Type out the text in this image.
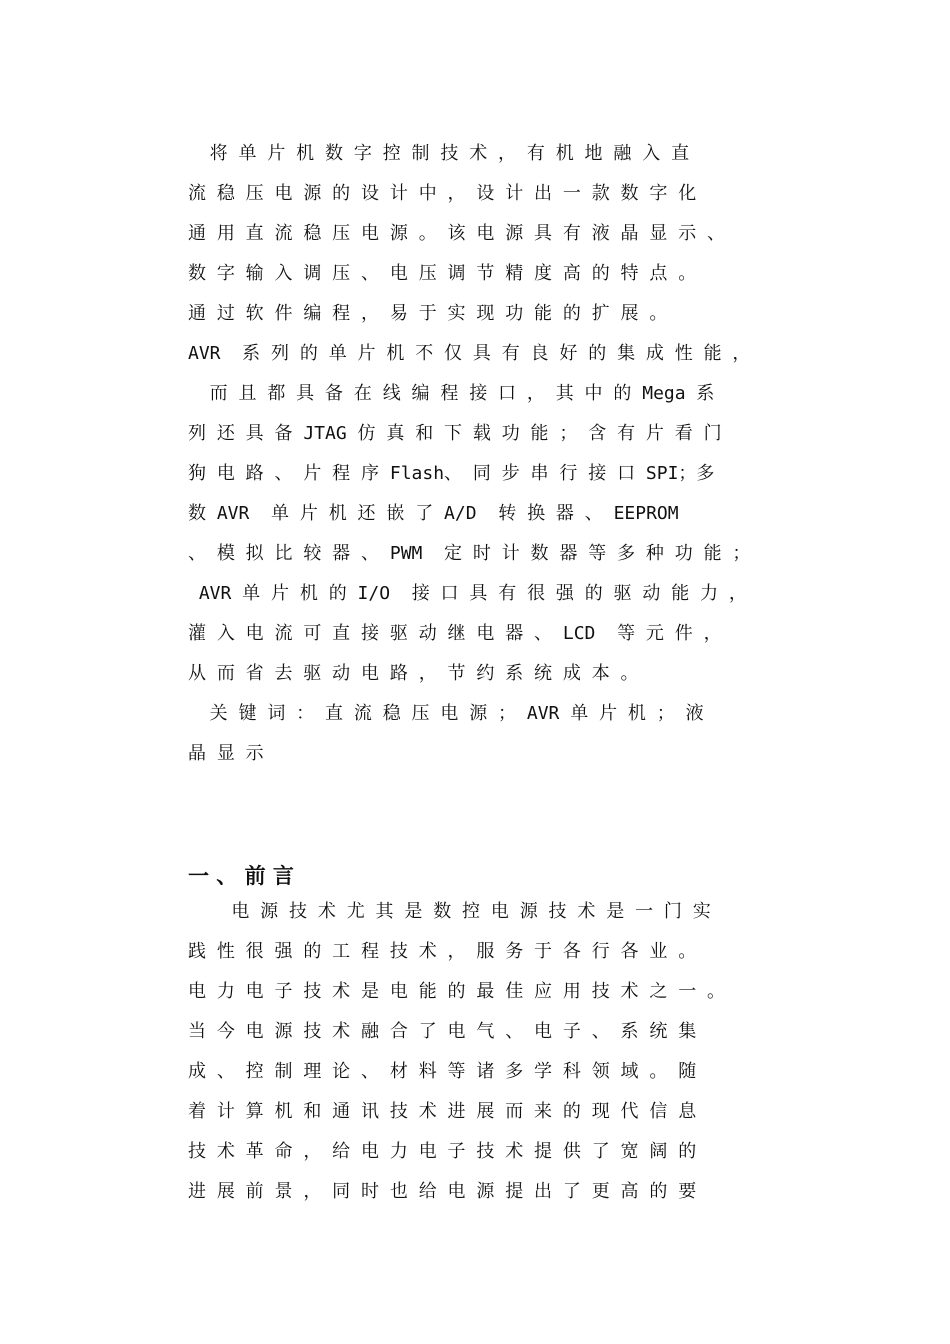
将 单 片 机 数 字 控 制 技 术 ， 有 机 地 融 入 直
流 稳 压 电 源 的 设 计 中 ， 设 计 出 一 款 数 字 化
通 用 直 流 稳 压 电 源 。 该 电 源 具 有 液 晶 显 示 、
数 字 输 入 调 压 、 电 压 调 节 精 度 高 的 特 点 。
通 过 软 件 编 程 ， 易 于 实 现 功 能 的 扩 展 。
AVR  系 列 的 单 片 机 不 仅 具 有 良 好 的 集 成 性 能 ，
而 且 都 具 备 在 线 编 程 接 口 ， 其 中 的 Mega 系
列 还 具 备 JTAG 仿 真 和 下 载 功 能 ； 含 有 片 看 门
狗 电 路 、 片 程 序 Flash、 同 步 串 行 接 口 SPI；多
数 AVR  单 片 机 还 嵌 了 A/D  转 换 器 、 EEPROM
、 模 拟 比 较 器 、 PWM  定 时 计 数 器 等 多 种 功 能 ；
AVR 单 片 机 的 I/O  接 口 具 有 很 强 的 驱 动 能 力 ，
灌 入 电 流 可 直 接 驱 动 继 电 器 、 LCD  等 元 件 ，
从 而 省 去 驱 动 电 路 ， 节 约 系 统 成 本 。
关 键 词 ： 直 流 稳 压 电 源 ； AVR 单 片 机 ； 液
晶 显 示
一 、 前 言
电 源 技 术 尤 其 是 数 控 电 源 技 术 是 一 门 实
践 性 很 强 的 工 程 技 术 ， 服 务 于 各 行 各 业 。
电 力 电 子 技 术 是 电 能 的 最 佳 应 用 技 术 之 一 。
当 今 电 源 技 术 融 合 了 电 气 、 电 子 、 系 统 集
成 、 控 制 理 论 、 材 料 等 诸 多 学 科 领 域 。 随
着 计 算 机 和 通 讯 技 术 进 展 而 来 的 现 代 信 息
技 术 革 命 ， 给 电 力 电 子 技 术 提 供 了 宽 阔 的
进 展 前 景 ， 同 时 也 给 电 源 提 出 了 更 高 的 要
